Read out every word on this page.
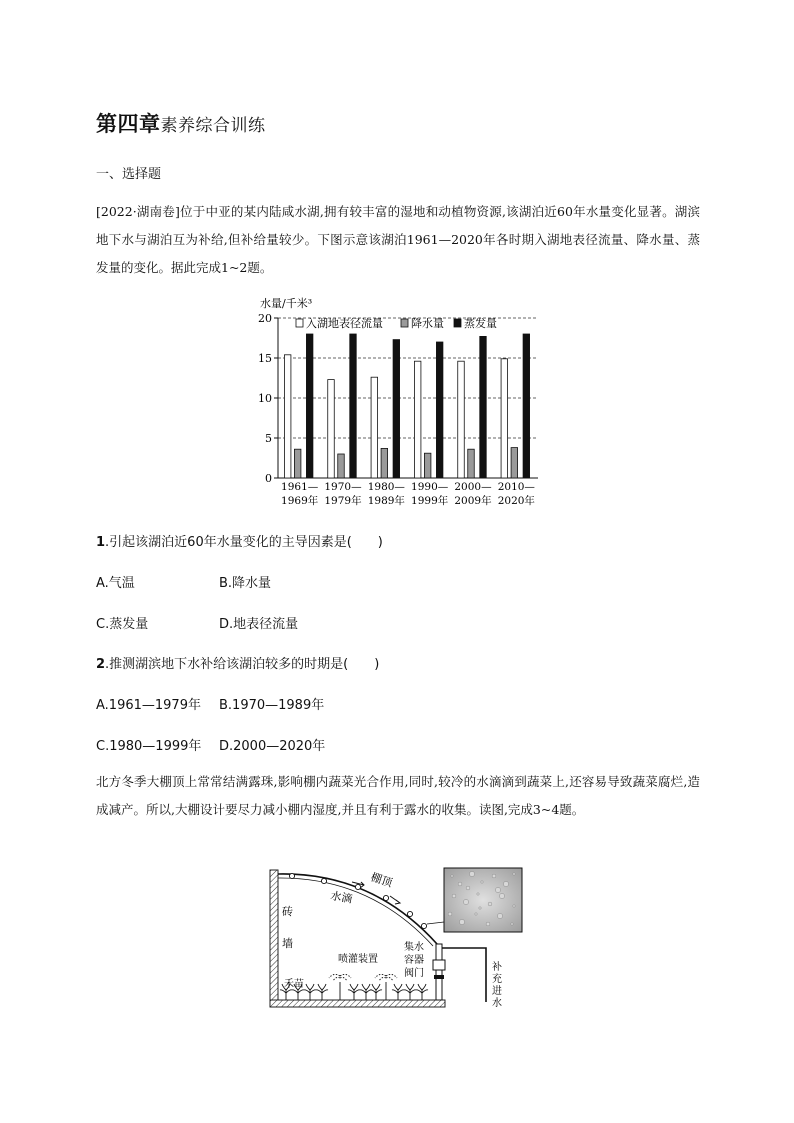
第四章素养综合训练
一、选择题
[2022·湖南卷]位于中亚的某内陆咸水湖,拥有较丰富的湿地和动植物资源,该湖泊近60年水量变化显著。湖滨地下水与湖泊互为补给,但补给量较少。下图示意该湖泊1961—2020年各时期入湖地表径流量、降水量、蒸发量的变化。据此完成1~2题。
水量/千米³
0
5
10
15
20
1961—
1969年
1970—
1979年
1980—
1989年
1990—
1999年
2000—
2009年
2010—
2020年
入湖地表径流量	降水量 蒸发量
1.引起该湖泊近60年水量变化的主导因素是(　　)
A.气温	B.降水量
C.蒸发量	D.地表径流量
2.推测湖滨地下水补给该湖泊较多的时期是(　　)
A.1961—1979年 B.1970—1989年
C.1980—1999年 D.2000—2020年
北方冬季大棚顶上常常结满露珠,影响棚内蔬菜光合作用,同时,较冷的水滴滴到蔬菜上,还容易导致蔬菜腐烂,造成减产。所以,大棚设计要尽力减小棚内湿度,并且有利于露水的收集。读图,完成3~4题。
棚顶
水滴
砖
墙
喷灌装置
禾苗
集水
容器
阀门
补
充
进
水
